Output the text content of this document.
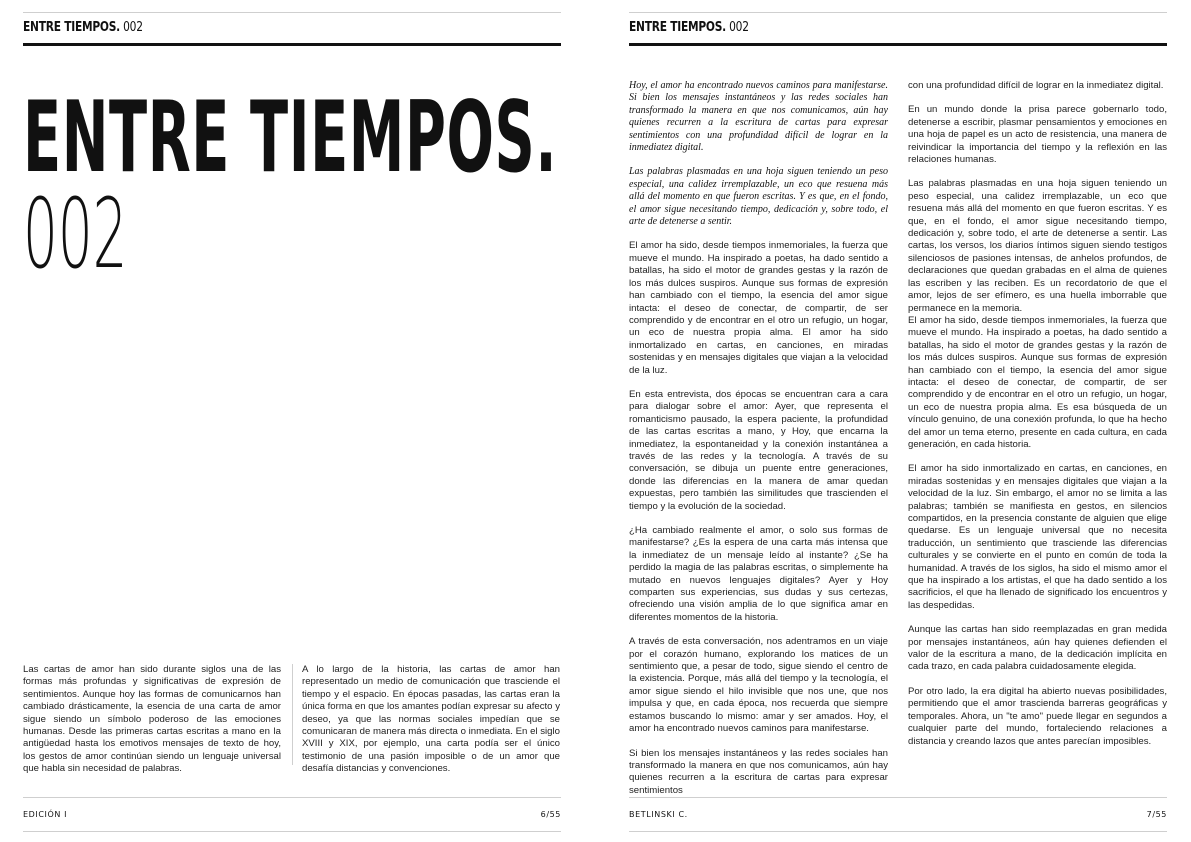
ENTRE TIEMPOS. 002
ENTRE TIEMPOS.
002
Las cartas de amor han sido durante siglos una de las formas más profundas y significativas de expresión de sentimientos. Aunque hoy las formas de comunicarnos han cambiado drásticamente, la esencia de una carta de amor sigue siendo un símbolo poderoso de las emociones humanas. Desde las primeras cartas escritas a mano en la antigüedad hasta los emotivos mensajes de texto de hoy, los gestos de amor continúan siendo un lenguaje universal que habla sin necesidad de palabras.
A lo largo de la historia, las cartas de amor han representado un medio de comunicación que trasciende el tiempo y el espacio. En épocas pasadas, las cartas eran la única forma en que los amantes podían expresar su afecto y deseo, ya que las normas sociales impedían que se comunicaran de manera más directa o inmediata. En el siglo XVIII y XIX, por ejemplo, una carta podía ser el único testimonio de una pasión imposible o de un amor que desafía distancias y convenciones.
EDICIÓN I	6/55
ENTRE TIEMPOS. 002

Hoy, el amor ha encontrado nuevos caminos para manifestarse. Si bien los mensajes instantáneos y las redes sociales han transformado la manera en que nos comunicamos, aún hay quienes recurren a la escritura de cartas para expresar sentimientos con una profundidad difícil de lograr en la inmediatez digital.

Las palabras plasmadas en una hoja siguen teniendo un peso especial, una calidez irremplazable, un eco que resuena más allá del momento en que fueron escritas. Y es que, en el fondo, el amor sigue necesitando tiempo, dedicación y, sobre todo, el arte de detenerse a sentir.

El amor ha sido, desde tiempos inmemoriales, la fuerza que mueve el mundo. Ha inspirado a poetas, ha dado sentido a batallas, ha sido el motor de grandes gestas y la razón de los más dulces suspiros. Aunque sus formas de expresión han cambiado con el tiempo, la esencia del amor sigue intacta: el deseo de conectar, de compartir, de ser comprendido y de encontrar en el otro un refugio, un hogar, un eco de nuestra propia alma. El amor ha sido inmortalizado en cartas, en canciones, en miradas sostenidas y en mensajes digitales que viajan a la velocidad de la luz.

En esta entrevista, dos épocas se encuentran cara a cara para dialogar sobre el amor: Ayer, que representa el romanticismo pausado, la espera paciente, la profundidad de las cartas escritas a mano, y Hoy, que encarna la inmediatez, la espontaneidad y la conexión instantánea a través de las redes y la tecnología. A través de su conversación, se dibuja un puente entre generaciones, donde las diferencias en la manera de amar quedan expuestas, pero también las similitudes que trascienden el tiempo y la evolución de la sociedad.

¿Ha cambiado realmente el amor, o solo sus formas de manifestarse? ¿Es la espera de una carta más intensa que la inmediatez de un mensaje leído al instante? ¿Se ha perdido la magia de las palabras escritas, o simplemente ha mutado en nuevos lenguajes digitales? Ayer y Hoy comparten sus experiencias, sus dudas y sus certezas, ofreciendo una visión amplia de lo que significa amar en diferentes momentos de la historia.

A través de esta conversación, nos adentramos en un viaje por el corazón humano, explorando los matices de un sentimiento que, a pesar de todo, sigue siendo el centro de la existencia. Porque, más allá del tiempo y la tecnología, el amor sigue siendo el hilo invisible que nos une, que nos impulsa y que, en cada época, nos recuerda que siempre estamos buscando lo mismo: amar y ser amados. Hoy, el amor ha encontrado nuevos caminos para manifestarse.

Si bien los mensajes instantáneos y las redes sociales han transformado la manera en que nos comunicamos, aún hay quienes recurren a la escritura de cartas para expresar sentimientos

con una profundidad difícil de lograr en la inmediatez digital.

En un mundo donde la prisa parece gobernarlo todo, detenerse a escribir, plasmar pensamientos y emociones en una hoja de papel es un acto de resistencia, una manera de reivindicar la importancia del tiempo y la reflexión en las relaciones humanas.

Las palabras plasmadas en una hoja siguen teniendo un peso especial, una calidez irremplazable, un eco que resuena más allá del momento en que fueron escritas. Y es que, en el fondo, el amor sigue necesitando tiempo, dedicación y, sobre todo, el arte de detenerse a sentir. Las cartas, los versos, los diarios íntimos siguen siendo testigos silenciosos de pasiones intensas, de anhelos profundos, de declaraciones que quedan grabadas en el alma de quienes las escriben y las reciben. Es un recordatorio de que el amor, lejos de ser efímero, es una huella imborrable que permanece en la memoria.

El amor ha sido, desde tiempos inmemoriales, la fuerza que mueve el mundo. Ha inspirado a poetas, ha dado sentido a batallas, ha sido el motor de grandes gestas y la razón de los más dulces suspiros. Aunque sus formas de expresión han cambiado con el tiempo, la esencia del amor sigue intacta: el deseo de conectar, de compartir, de ser comprendido y de encontrar en el otro un refugio, un hogar, un eco de nuestra propia alma. Es esa búsqueda de un vínculo genuino, de una conexión profunda, lo que ha hecho del amor un tema eterno, presente en cada cultura, en cada generación, en cada historia.

El amor ha sido inmortalizado en cartas, en canciones, en miradas sostenidas y en mensajes digitales que viajan a la velocidad de la luz. Sin embargo, el amor no se limita a las palabras; también se manifiesta en gestos, en silencios compartidos, en la presencia constante de alguien que elige quedarse. Es un lenguaje universal que no necesita traducción, un sentimiento que trasciende las diferencias culturales y se convierte en el punto en común de toda la humanidad. A través de los siglos, ha sido el mismo amor el que ha inspirado a los artistas, el que ha dado sentido a los sacrificios, el que ha llenado de significado los encuentros y las despedidas.

Aunque las cartas han sido reemplazadas en gran medida por mensajes instantáneos, aún hay quienes defienden el valor de la escritura a mano, de la dedicación implícita en cada trazo, en cada palabra cuidadosamente elegida.

Por otro lado, la era digital ha abierto nuevas posibilidades, permitiendo que el amor trascienda barreras geográficas y temporales. Ahora, un "te amo" puede llegar en segundos a cualquier parte del mundo, fortaleciendo relaciones a distancia y creando lazos que antes parecían imposibles.

BETLINSKI C.	7/55
